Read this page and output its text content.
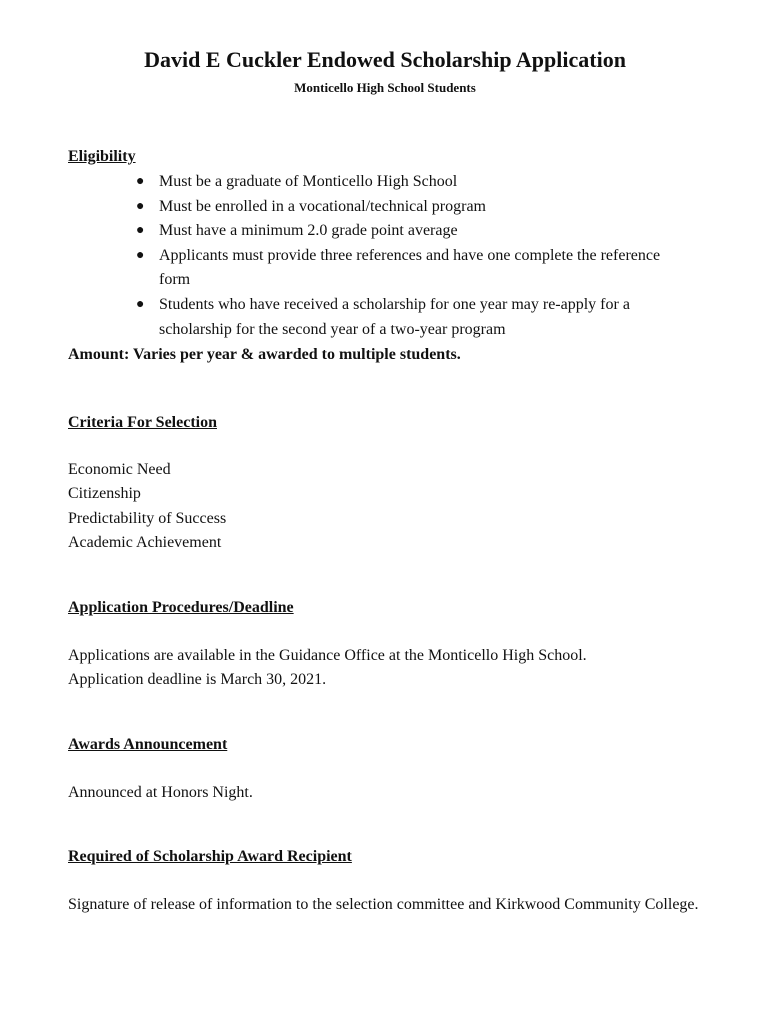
David E Cuckler Endowed Scholarship Application
Monticello High School Students
Eligibility
● Must be a graduate of Monticello High School
● Must be enrolled in a vocational/technical program
● Must have a minimum 2.0 grade point average
● Applicants must provide three references and have one complete the reference form
● Students who have received a scholarship for one year may re-apply for a scholarship for the second year of a two-year program
Amount: Varies per year & awarded to multiple students.
Criteria For Selection
Economic Need
Citizenship
Predictability of Success
Academic Achievement
Application Procedures/Deadline
Applications are available in the Guidance Office at the Monticello High School.
Application deadline is March 30, 2021.
Awards Announcement
Announced at Honors Night.
Required of Scholarship Award Recipient
Signature of release of information to the selection committee and Kirkwood Community College.
